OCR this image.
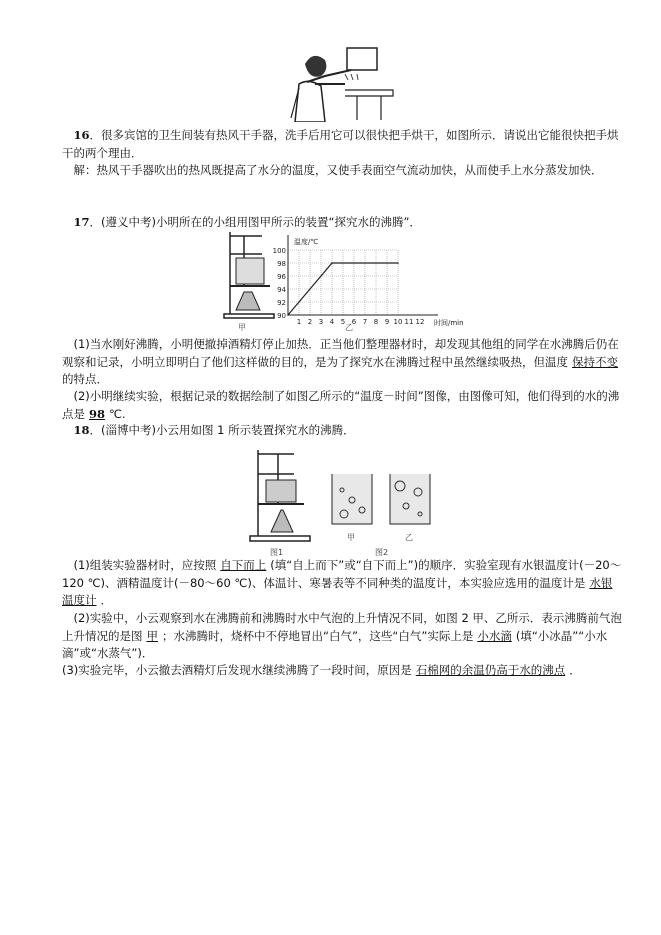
16．很多宾馆的卫生间装有热风干手器，洗手后用它可以很快把手烘干，如图所示．请说出它能很快把手烘干的两个理由．
解：热风干手器吹出的热风既提高了水分的温度，又使手表面空气流动加快，从而使手上水分蒸发加快．
17．(遵义中考)小明所在的小组用图甲所示的装置“探究水的沸腾”．
甲
90
92
94
96
98
100
1 2 3 4 5 6 7 8 9 10 11 12
温度/℃
时间/min
乙
(1)当水刚好沸腾，小明便撤掉酒精灯停止加热．正当他们整理器材时，却发现其他组的同学在水沸腾后仍在观察和记录，小明立即明白了他们这样做的目的，是为了探究水在沸腾过程中虽然继续吸热，但温度 保持不变的特点．
(2)小明继续实验，根据记录的数据绘制了如图乙所示的“温度－时间”图像，由图像可知，他们得到的水的沸点是 98 ℃.
18．(淄博中考)小云用如图 1 所示装置探究水的沸腾．
图1
甲	乙
图2
(1)组装实验器材时，应按照 自下而上 (填“自上而下”或“自下而上”)的顺序．实验室现有水银温度计(－20～120 ℃)、酒精温度计(－80～60 ℃)、体温计、寒暑表等不同种类的温度计，本实验应选用的温度计是 水银温度计 ．
(2)实验中，小云观察到水在沸腾前和沸腾时水中气泡的上升情况不同，如图 2 甲、乙所示．表示沸腾前气泡上升情况的是图 甲 ；水沸腾时，烧杯中不停地冒出“白气”，这些“白气”实际上是 小水滴 (填“小冰晶”“小水滴”或“水蒸气”)．
(3)实验完毕，小云撤去酒精灯后发现水继续沸腾了一段时间，原因是 石棉网的余温仍高于水的沸点 ．
